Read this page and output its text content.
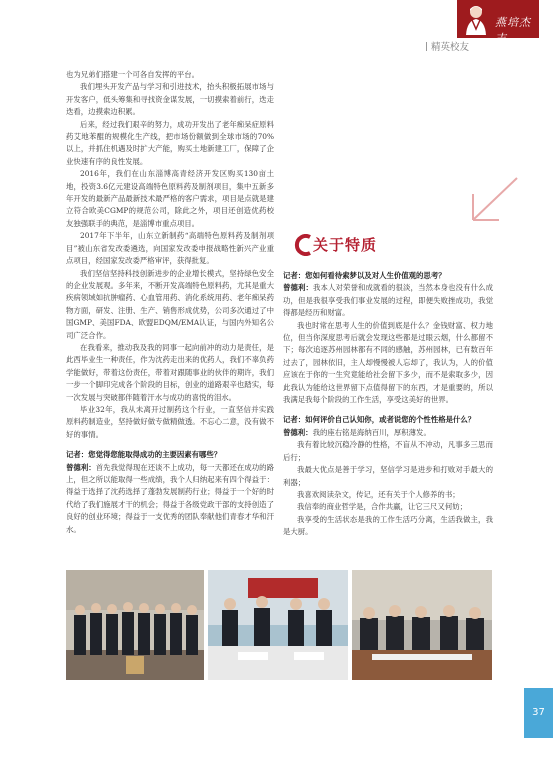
燕培杰志
精英校友

也为兄弟们搭建一个可各自发挥的平台。

我们埋头开发产品与学习和引进技术，抬头积极拓展市场与开发客户，低头筹集和寻找资金谋发展，一切摸索着前行，迭走迭看，边摸索边积累。

后来，经过我们艰辛的努力，成功开发出了老年痴呆症原料药艾地苯醌的规模化生产线，把市场份额做到全球市场的70%以上，并抓住机遇及时扩大产能，购买土地新建工厂，保障了企业快速有序的良性发展。

2016年，我们在山东淄博高青经济开发区购买130亩土地，投资3.6亿元建设高端特色原料药及制剂项目，集中五新多年开发的最新产品最新技术最严格的客户需求，项目是点就是建立符合欧美CGMP的规范公司，除此之外，项目还创造优药校友独强联手的典范，是淄博市重点项目。

2017年下半年，山东立新制药“高端特色原料药及制剂项目”被山东省发改委遴选，向国家发改委申报战略性新兴产业重点项目，经国家发改委严格审评，获得批复。

我们坚信坚持科技创新进步的企业增长模式，坚持绿色安全的企业发展观。多年来，不断开发高端特色原料药，尤其是重大疾病领域如抗肿瘤药、心血管用药、消化系统用药、老年痴呆药物方面，研发、注册、生产、销售形成优势，公司多次通过了中国GMP、美国FDA、欧盟EDQM/EMA认证，与国内外知名公司广泛合作。

在我看来，推动我及我的同事一起向前冲的动力是责任，是此西毕业生一种责任，作为沈药走出来的优药人，我们不辜负药学能做好，带着这份责任，带着对跟随事业的伙伴的期许，我们一步一个脚印完成各个阶段的目标，创业的道路艰辛也踏实，每一次发展与突破都伴随着汗水与成功的喜悦的泪水。

毕业32年，我从未离开过制药这个行业，一直坚信并实践原料药制造业，坚持做好做专做精做透。不忘心二意，没有做不好的事情。

记者：您觉得您能取得成功的主要因素有哪些？

曾德利：首先我觉得现在还谈不上成功，每一天都还在成功的路上，但之所以能取得一些成绩，我个人归纳起来有四个得益于：得益于选择了沈药选择了蓬勃发展制药行业；得益于一个好的时代给了我们施展才干的机会；得益于各级党政干部的支持创造了良好的创业环境；得益于一支优秀的团队奉献他们青春才华和汗水。

关于特质

记者：您如何看待索梦以及对人生价值观的思考？

曾德利：我本人对荣誉和成就看的很淡，当然本身也没有什么成功，但是我很享受我们事业发展的过程，即便失败挫成功，我觉得都是经历和财富。

我也时常在思考人生的价值到底是什么？金钱财富、权力地位，但当你深度思考后就会发现这些都是过眼云烟，什么都留不下；每次追逐苏州园林都有不同的感触，苏州园林，已有数百年过去了，园林依旧，主人却慢慢被人忘却了，我认为，人的价值应该在于你的一生究竟能给社会留下多少，而不是索取多少，因此我认为能给这世界留下点值得留下的东西，才是重要的，所以我满足我每个阶段的工作生活，享受这美好的世界。

记者：如何评价自己认知你，或者说您的个性性格是什么？

曾德利：我的座右铭是海纳百川，厚积薄发。

我有着比较沉稳冷静的性格，不盲从不冲动，凡事多三思而后行；

我最大优点是善于学习，坚信学习是进步和打败对手最大的利器；

我喜欢阅读杂文，传记，还有关于个人修养的书；

我信奉的商业哲学是，合作共赢，让它三尺又何妨；

我享受的生活状态是我的工作生活巧分离，生活我做主，我是大厨。

37
